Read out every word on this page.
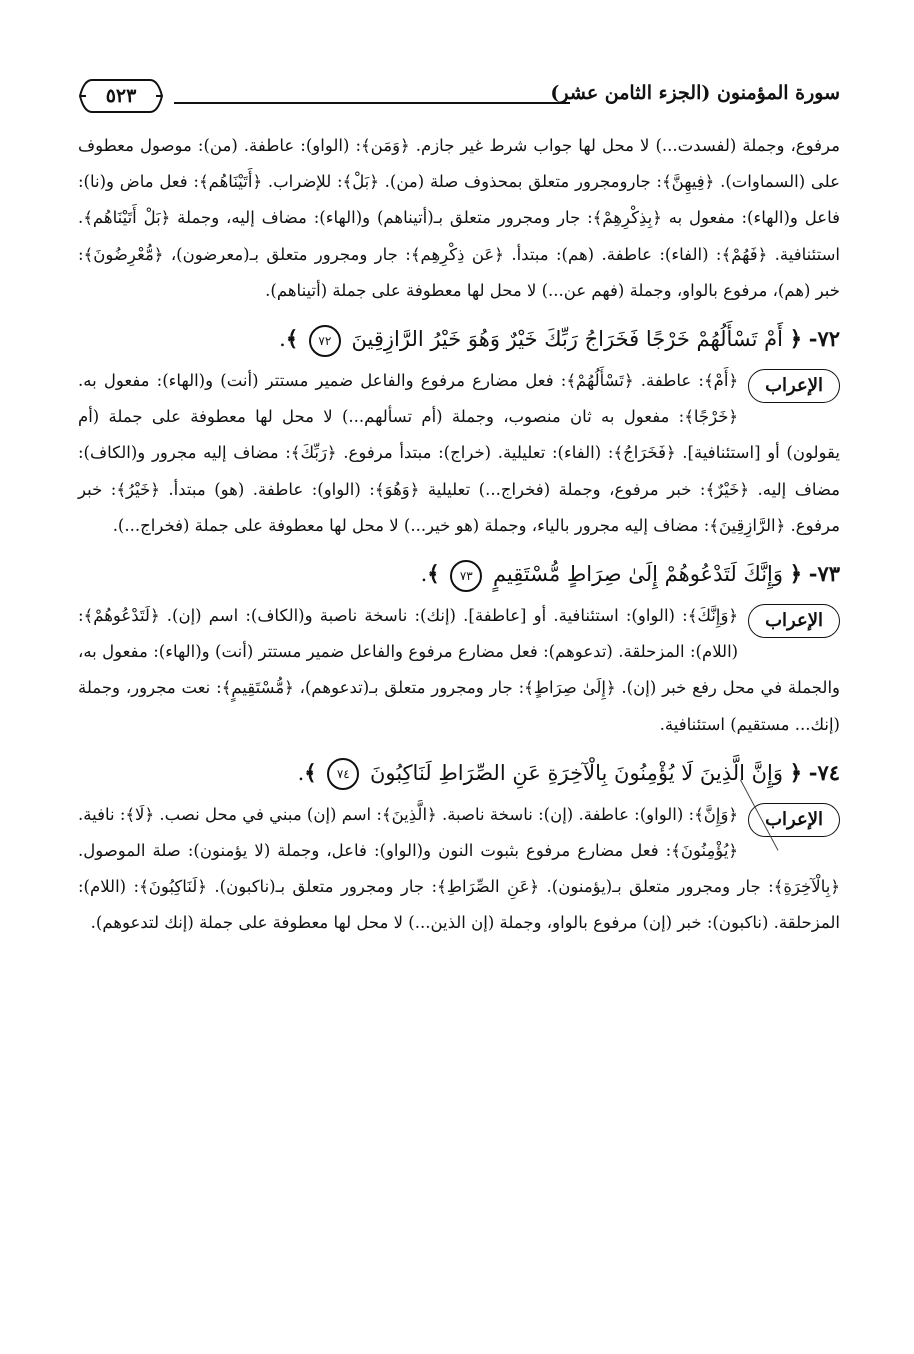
سورة المؤمنون (الجزء الثامن عشر)
٥٢٣

مرفوع، وجملة (لفسدت...) لا محل لها جواب شرط غير جازم. ﴿وَمَن﴾: (الواو): عاطفة. (من): موصول معطوف على (السماوات). ﴿فِيهِنَّ﴾: جارومجرور متعلق بمحذوف صلة (من). ﴿بَلْ﴾: للإضراب. ﴿أَتَيْنَاهُم﴾: فعل ماض و(نا): فاعل و(الهاء): مفعول به ﴿بِذِكْرِهِمْ﴾: جار ومجرور متعلق بـ(أتيناهم) و(الهاء): مضاف إليه، وجملة ﴿بَلْ أَتَيْنَاهُم﴾. استئنافية. ﴿فَهُمْ﴾: (الفاء): عاطفة. (هم): مبتدأ. ﴿عَن ذِكْرِهِم﴾: جار ومجرور متعلق بـ(معرضون)، ﴿مُّعْرِضُونَ﴾: خبر (هم)، مرفوع بالواو، وجملة (فهم عن...) لا محل لها معطوفة على جملة (أتيناهم).

٧٢- ﴿ أَمْ تَسْأَلُهُمْ خَرْجًا فَخَرَاجُ رَبِّكَ خَيْرٌ وَهُوَ خَيْرُ الرَّازِقِينَ ٧٢ ﴾.
الإعراب

﴿أَمْ﴾: عاطفة. ﴿تَسْأَلُهُمْ﴾: فعل مضارع مرفوع والفاعل ضمير مستتر (أنت) و(الهاء): مفعول به. ﴿خَرْجًا﴾: مفعول به ثان منصوب، وجملة (أم تسألهم...) لا محل لها معطوفة على جملة (أم يقولون) أو [استئنافية]. ﴿فَخَرَاجُ﴾: (الفاء): تعليلية. (خراج): مبتدأ مرفوع. ﴿رَبِّكَ﴾: مضاف إليه مجرور و(الكاف): مضاف إليه. ﴿خَيْرٌ﴾: خبر مرفوع، وجملة (فخراج...) تعليلية ﴿وَهُوَ﴾: (الواو): عاطفة. (هو) مبتدأ. ﴿خَيْرُ﴾: خبر مرفوع. ﴿الرَّازِقِينَ﴾: مضاف إليه مجرور بالياء، وجملة (هو خير...) لا محل لها معطوفة على جملة (فخراج...).

٧٣- ﴿ وَإِنَّكَ لَتَدْعُوهُمْ إِلَىٰ صِرَاطٍ مُّسْتَقِيمٍ ٧٣ ﴾.
الإعراب

﴿وَإِنَّكَ﴾: (الواو): استئنافية. أو [عاطفة]. (إنك): ناسخة ناصبة و(الكاف): اسم (إن). ﴿لَتَدْعُوهُمْ﴾: (اللام): المزحلقة. (تدعوهم): فعل مضارع مرفوع والفاعل ضمير مستتر (أنت) و(الهاء): مفعول به، والجملة في محل رفع خبر (إن). ﴿إِلَىٰ صِرَاطٍ﴾: جار ومجرور متعلق بـ(تدعوهم)، ﴿مُّسْتَقِيمٍ﴾: نعت مجرور، وجملة (إنك... مستقيم) استئنافية.

٧٤- ﴿ وَإِنَّ الَّذِينَ لَا يُؤْمِنُونَ بِالْآخِرَةِ عَنِ الصِّرَاطِ لَنَاكِبُونَ ٧٤ ﴾.
الإعراب

﴿وَإِنَّ﴾: (الواو): عاطفة. (إن): ناسخة ناصبة. ﴿الَّذِينَ﴾: اسم (إن) مبني في محل نصب. ﴿لَا﴾: نافية. ﴿يُؤْمِنُونَ﴾: فعل مضارع مرفوع بثبوت النون و(الواو): فاعل، وجملة (لا يؤمنون): صلة الموصول. ﴿بِالْآخِرَةِ﴾: جار ومجرور متعلق بـ(يؤمنون). ﴿عَنِ الصِّرَاطِ﴾: جار ومجرور متعلق بـ(ناكبون). ﴿لَنَاكِبُونَ﴾: (اللام): المزحلقة. (ناكبون): خبر (إن) مرفوع بالواو، وجملة (إن الذين...) لا محل لها معطوفة على جملة (إنك لتدعوهم).
